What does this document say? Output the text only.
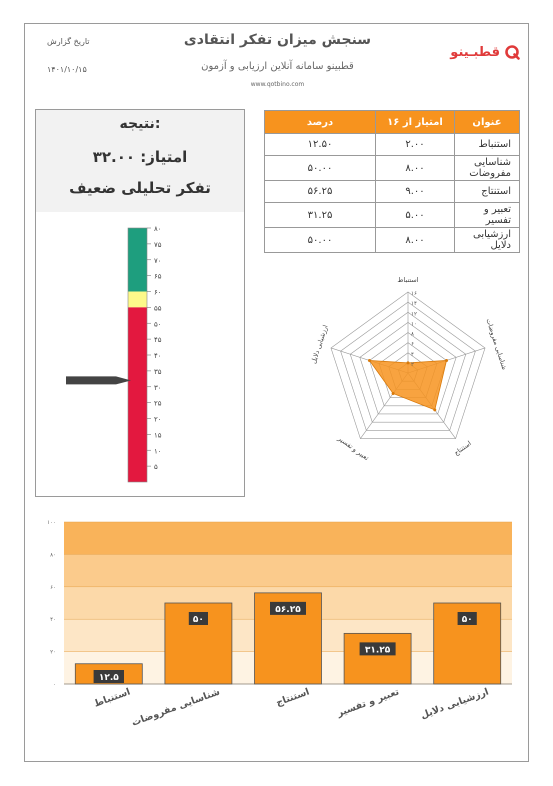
سنجش میزان تفکر انتقادی
قطبینو سامانه آنلاین ارزیابی و آزمون
www.qotbino.com
تاریخ گزارش
۱۴۰۱/۱۰/۱۵
قطبـینو
نتیجه:
امتیاز: ۳۲.۰۰
تفکر تحلیلی ضعیف
۸۰
۷۵
۷۰
۶۵
۶۰
۵۵
۵۰
۴۵
۴۰
۳۵
۳۰
۲۵
۲۰
۱۵
۱۰
۵
درصد	امتیاز از ۱۶	عنوان
۱۲.۵۰	۲.۰۰	استنباط
۵۰.۰۰	۸.۰۰	شناسایی مفروضات
۵۶.۲۵	۹.۰۰	استنتاج
۳۱.۲۵	۵.۰۰	تعبیر و تفسیر
۵۰.۰۰	۸.۰۰	ارزشیابی دلایل
۲
۴
۶
۸
۱۰
۱۲
۱۴
۱۶
استنباط
شناسایی مفروضات
استنتاج
تعبیر و تفسیر
ارزشیابی دلایل
۰
۲۰
۴۰
۶۰
۸۰
۱۰۰
۱۲.۵
استنباط
۵۰
شناسایی مفروضات
۵۶.۲۵
استنتاج
۳۱.۲۵
تعبیر و تفسیر
۵۰
ارزشیابی دلایل
